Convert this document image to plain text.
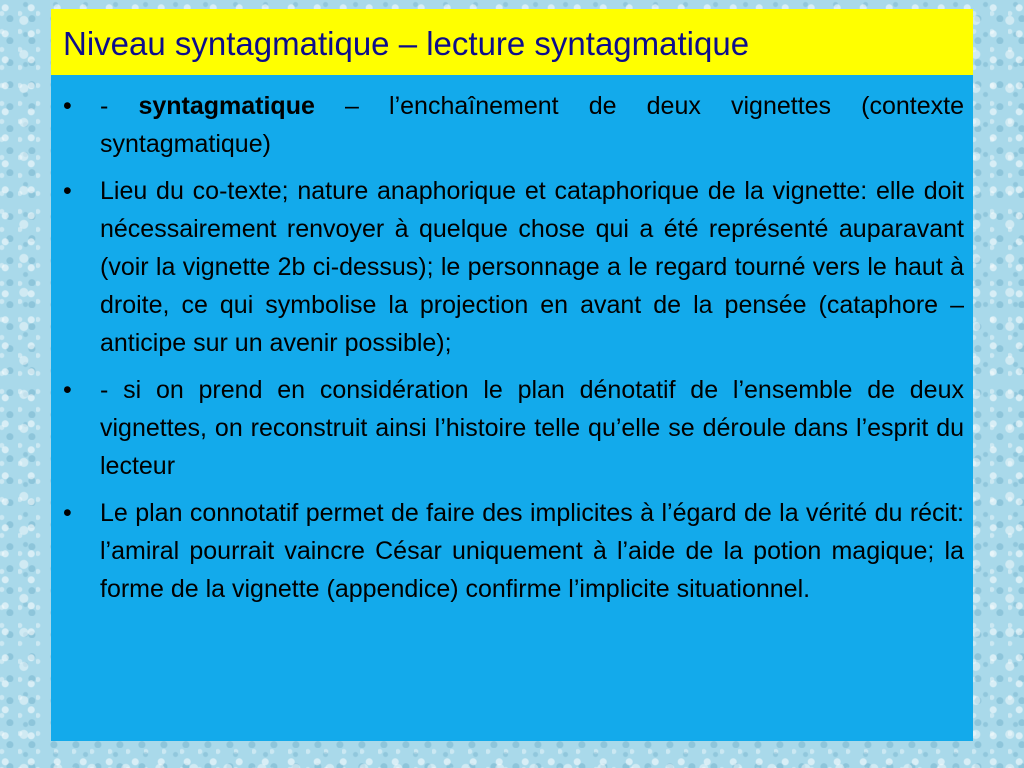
Niveau syntagmatique – lecture syntagmatique
•	- syntagmatique – l’enchaînement de deux vignettes (contexte syntagmatique)
•	Lieu du co-texte; nature anaphorique et cataphorique de la vignette: elle doit nécessairement renvoyer à quelque chose qui a été représenté auparavant (voir la vignette 2b ci-dessus); le personnage a le regard tourné vers le haut à droite, ce qui symbolise la projection en avant de la pensée (cataphore – anticipe sur un avenir possible);
•	- si on prend en considération le plan dénotatif de l’ensemble de deux vignettes, on reconstruit ainsi l’histoire telle qu’elle se déroule dans l’esprit du lecteur
•	Le plan connotatif permet de faire des implicites à l’égard de la vérité du récit: l’amiral pourrait vaincre César uniquement à l’aide de la potion magique; la forme de la vignette (appendice) confirme l’implicite situationnel.
